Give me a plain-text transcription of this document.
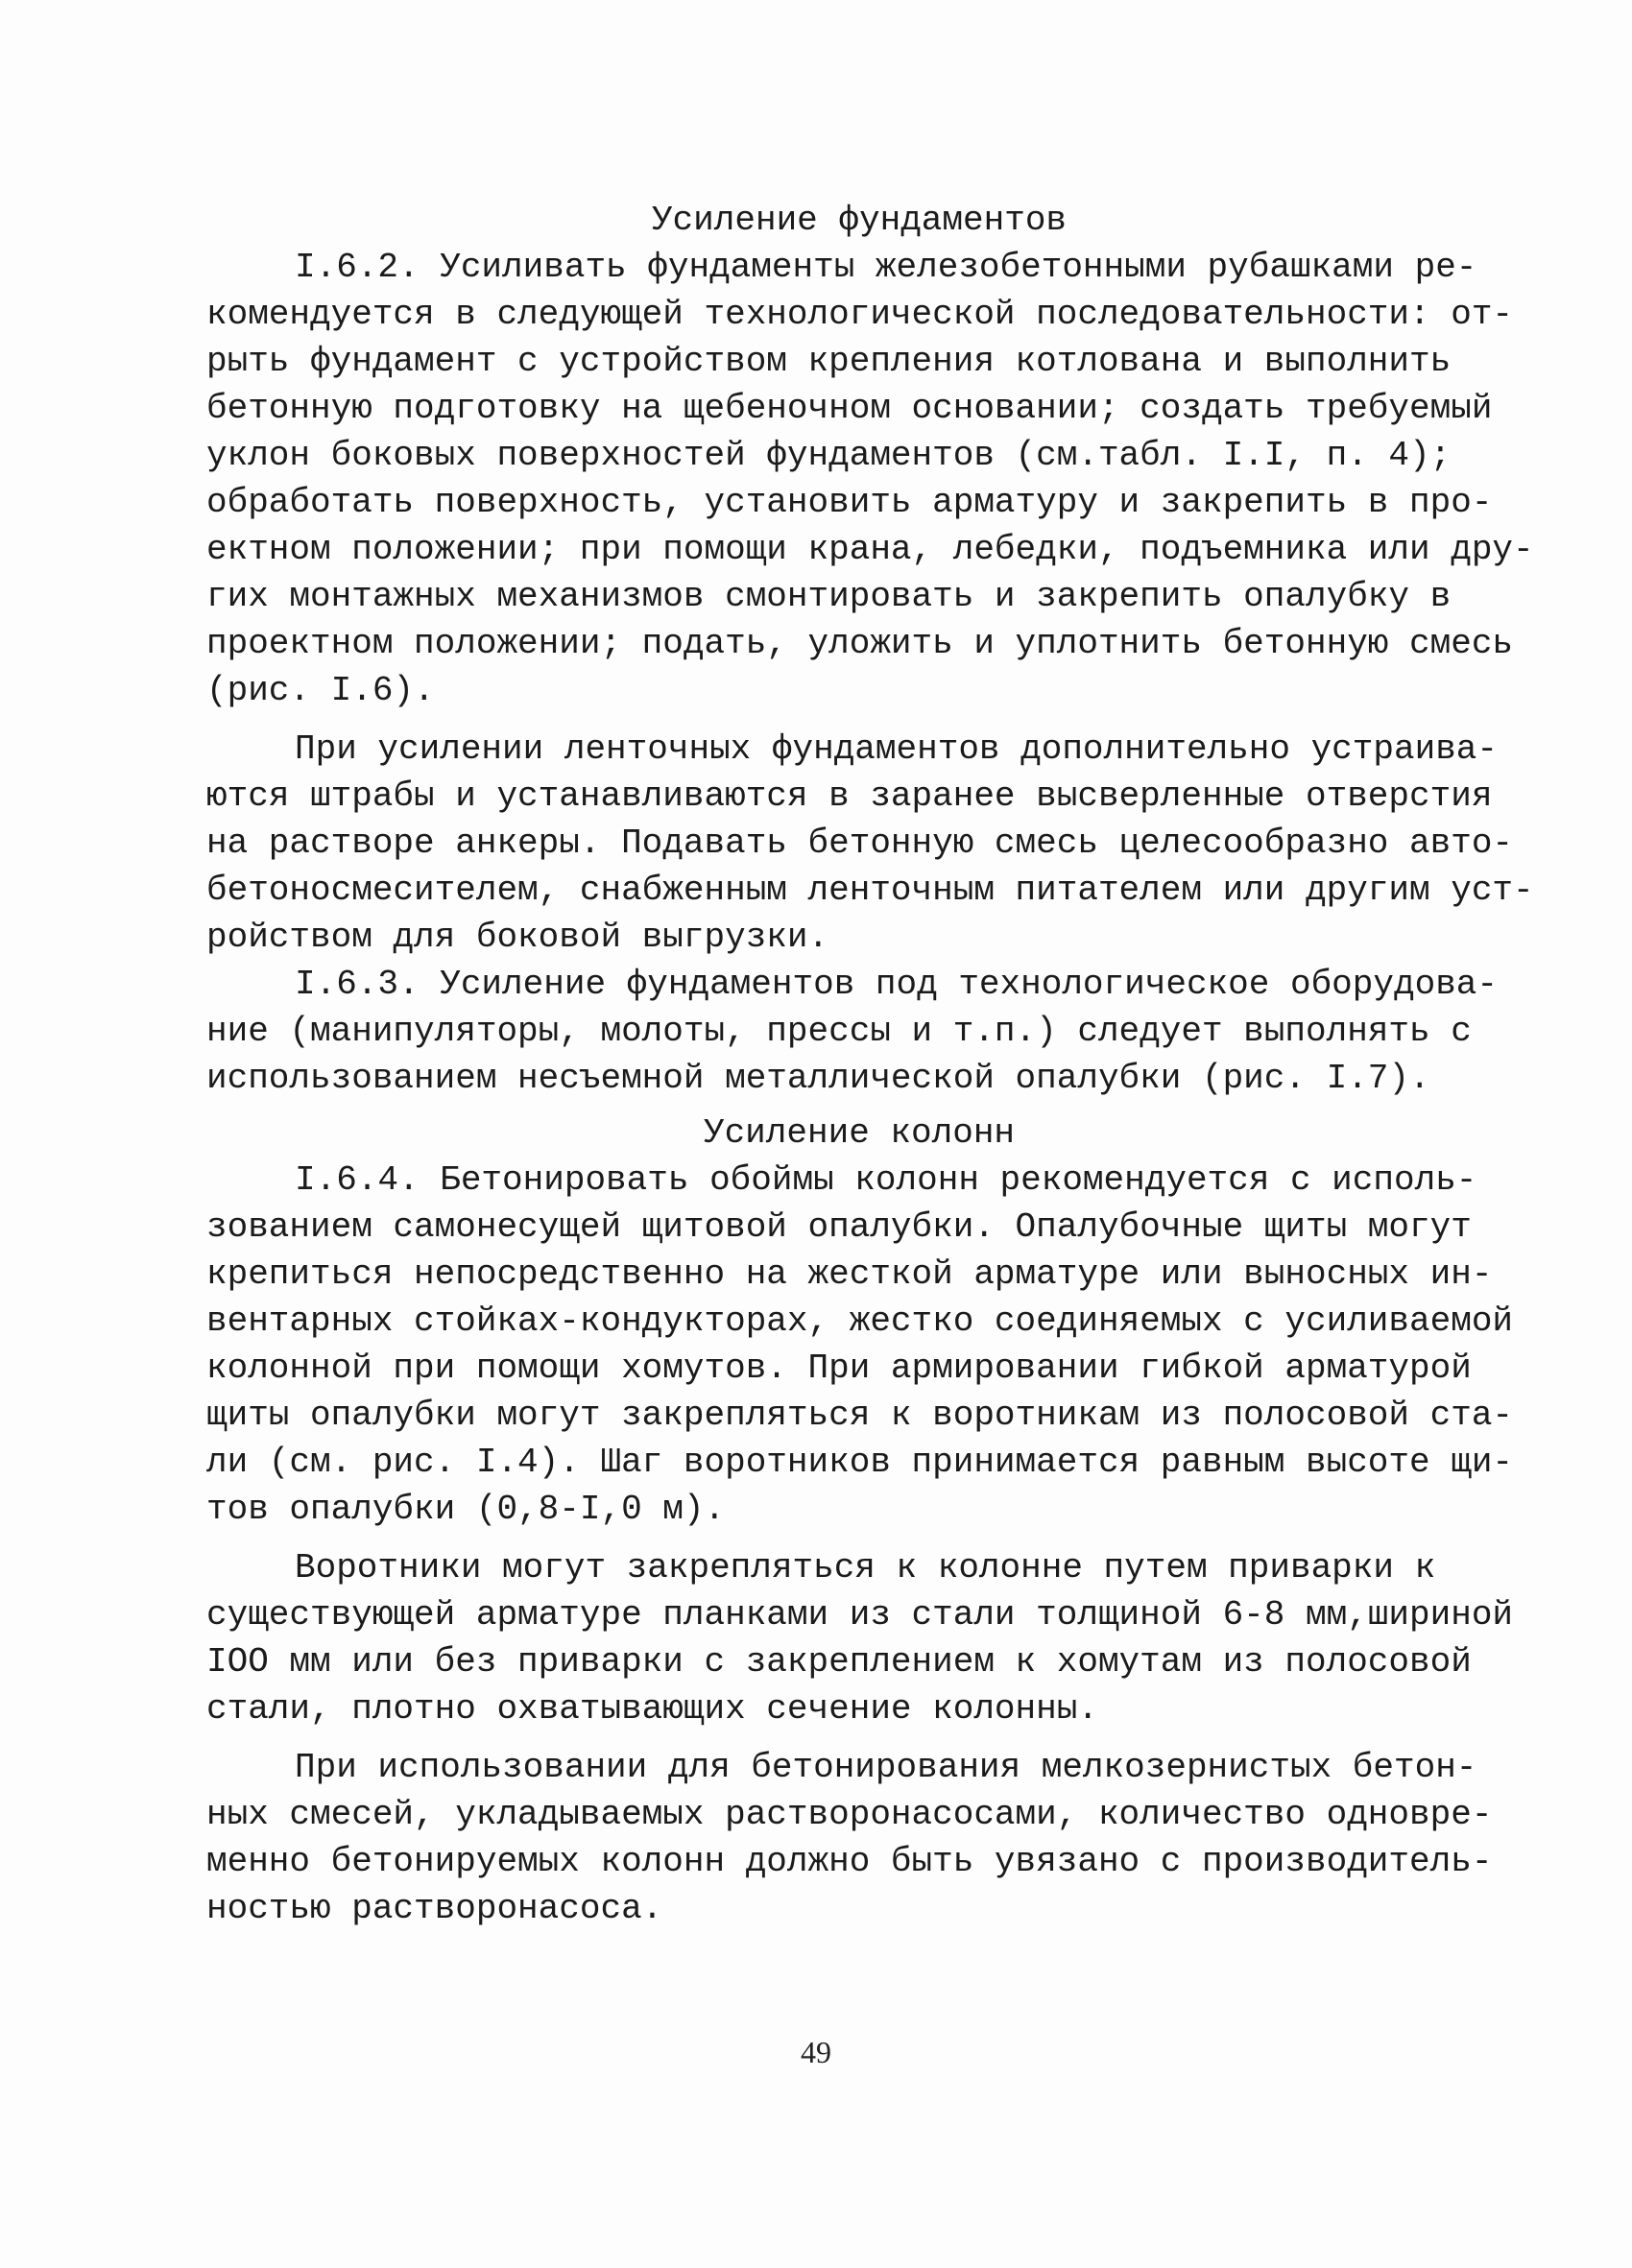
Усиление фундаментов
I.6.2. Усиливать фундаменты железобетонными рубашками ре-
комендуется в следующей технологической последовательности: от-
рыть фундамент с устройством крепления котлована и выполнить
бетонную подготовку на щебеночном основании; создать требуемый
уклон боковых поверхностей фундаментов (см.табл. I.I, п. 4);
обработать поверхность, установить арматуру и закрепить в про-
ектном положении; при помощи крана, лебедки, подъемника или дру-
гих монтажных механизмов смонтировать и закрепить опалубку в
проектном положении; подать, уложить и уплотнить бетонную смесь
(рис. I.6).
При усилении ленточных фундаментов дополнительно устраива-
ются штрабы и устанавливаются в заранее высверленные отверстия
на растворе анкеры. Подавать бетонную смесь целесообразно авто-
бетоносмесителем, снабженным ленточным питателем или другим уст-
ройством для боковой выгрузки.
I.6.3. Усиление фундаментов под технологическое оборудова-
ние (манипуляторы, молоты, прессы и т.п.) следует выполнять с
использованием несъемной металлической опалубки (рис. I.7).
Усиление колонн
I.6.4. Бетонировать обоймы колонн рекомендуется с исполь-
зованием самонесущей щитовой опалубки. Опалубочные щиты могут
крепиться непосредственно на жесткой арматуре или выносных ин-
вентарных стойках-кондукторах, жестко соединяемых с усиливаемой
колонной при помощи хомутов. При армировании гибкой арматурой
щиты опалубки могут закрепляться к воротникам из полосовой ста-
ли (см. рис. I.4). Шаг воротников принимается равным высоте щи-
тов опалубки (0,8-I,0 м).
Воротники могут закрепляться к колонне путем приварки к
существующей арматуре планками из стали толщиной 6-8 мм,шириной
IOO мм или без приварки с закреплением к хомутам из полосовой
стали, плотно охватывающих сечение колонны.
При использовании для бетонирования мелкозернистых бетон-
ных смесей, укладываемых растворонасосами, количество одновре-
менно бетонируемых колонн должно быть увязано с производитель-
ностью растворонасоса.
49
